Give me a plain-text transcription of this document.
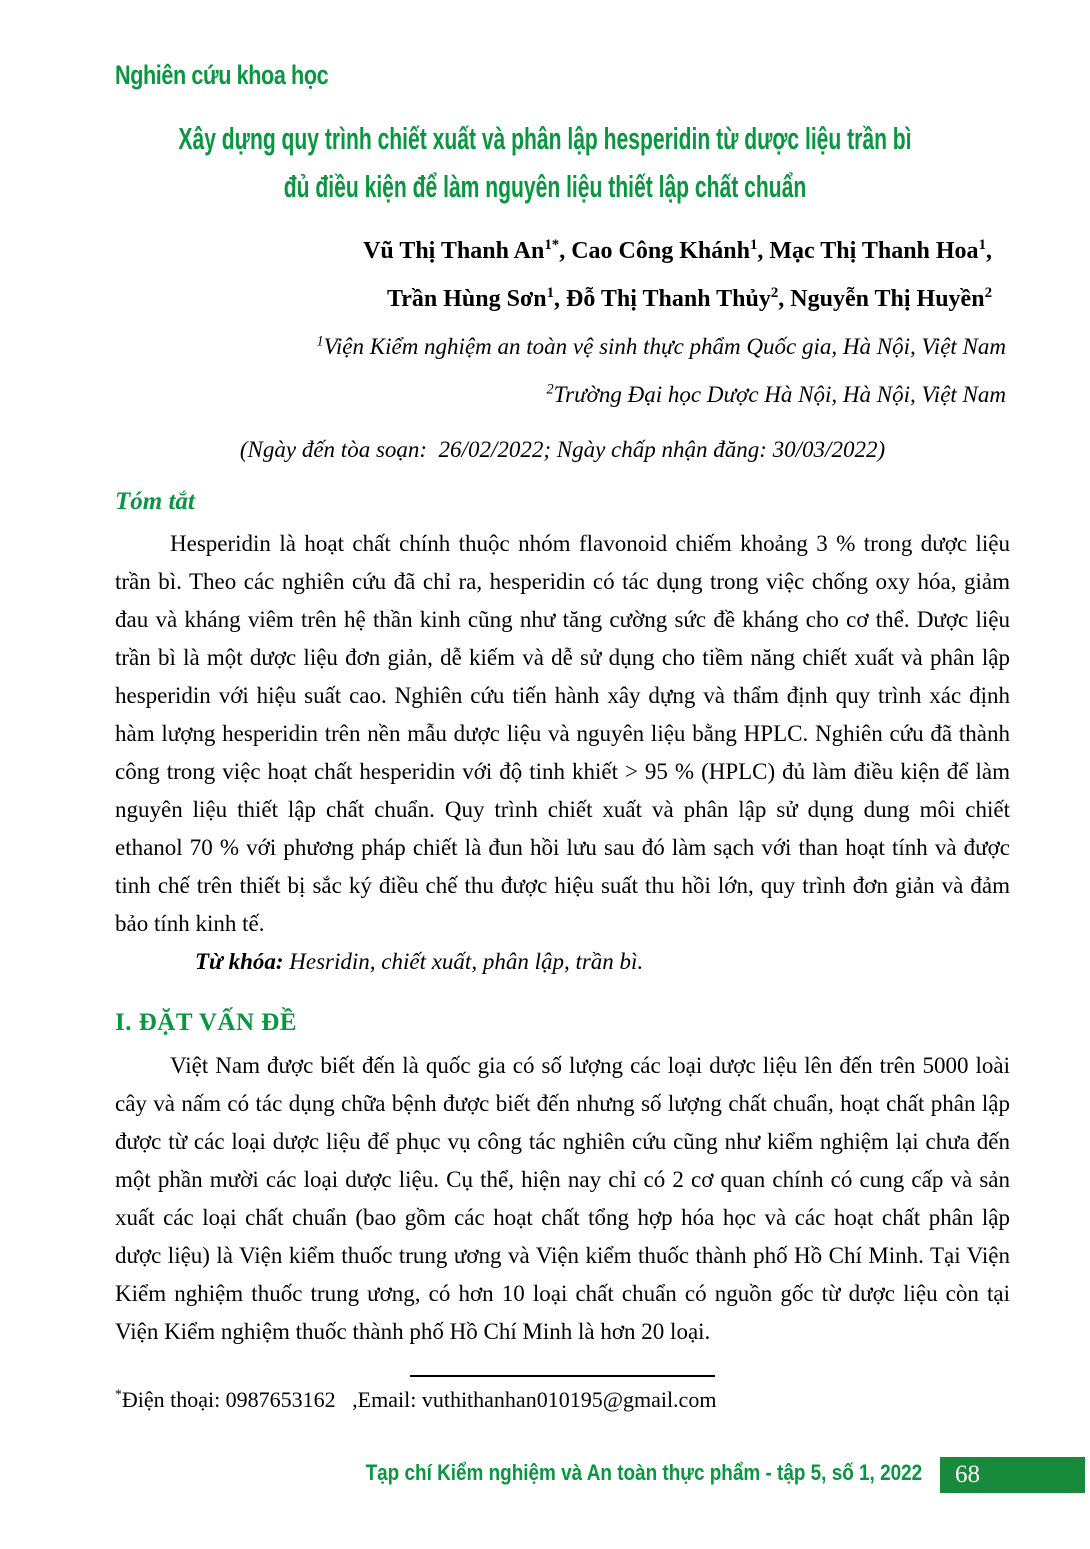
Nghiên cứu khoa học
Xây dựng quy trình chiết xuất và phân lập hesperidin từ dược liệu trần bì
đủ điều kiện để làm nguyên liệu thiết lập chất chuẩn
Vũ Thị Thanh $An^{1*}$, Cao Công Khánh$^1$, Mạc Thị Thanh Hoa$^1$,
Trần Hùng Sơn$^1$, Đỗ Thị Thanh Thủy$^2$, Nguyễn Thị Huyền$^2$
$^1$Viện Kiểm nghiệm an toàn vệ sinh thực phẩm Quốc gia, Hà Nội, Việt Nam
$^2$Trường Đại học Dược Hà Nội, Hà Nội, Việt Nam
(Ngày đến tòa soạn:  26/02/2022; Ngày chấp nhận đăng: 30/03/2022)
Tóm tắt

Hesperidin là hoạt chất chính thuộc nhóm flavonoid chiếm khoảng 3 % trong dược liệu trần bì. Theo các nghiên cứu đã chỉ ra, hesperidin có tác dụng trong việc chống oxy hóa, giảm đau và kháng viêm trên hệ thần kinh cũng như tăng cường sức đề kháng cho cơ thể. Dược liệu trần bì là một dược liệu đơn giản, dễ kiếm và dễ sử dụng cho tiềm năng chiết xuất và phân lập hesperidin với hiệu suất cao. Nghiên cứu tiến hành xây dựng và thẩm định quy trình xác định hàm lượng hesperidin trên nền mẫu dược liệu và nguyên liệu bằng HPLC. Nghiên cứu đã thành công trong việc hoạt chất hesperidin với độ tinh khiết > 95 % (HPLC) đủ làm điều kiện để làm nguyên liệu thiết lập chất chuẩn. Quy trình chiết xuất và phân lập sử dụng dung môi chiết ethanol 70 % với phương pháp chiết là đun hồi lưu sau đó làm sạch với than hoạt tính và được tinh chế trên thiết bị sắc ký điều chế thu được hiệu suất thu hồi lớn, quy trình đơn giản và đảm bảo tính kinh tế.

Từ khóa: Hesridin, chiết xuất, phân lập, trần bì.

I. ĐẶT VẤN ĐỀ

Việt Nam được biết đến là quốc gia có số lượng các loại dược liệu lên đến trên 5000 loài cây và nấm có tác dụng chữa bệnh được biết đến nhưng số lượng chất chuẩn, hoạt chất phân lập được từ các loại dược liệu để phục vụ công tác nghiên cứu cũng như kiểm nghiệm lại chưa đến một phần mười các loại dược liệu. Cụ thể, hiện nay chỉ có 2 cơ quan chính có cung cấp và sản xuất các loại chất chuẩn (bao gồm các hoạt chất tổng hợp hóa học và các hoạt chất phân lập dược liệu) là Viện kiểm thuốc trung ương và Viện kiểm thuốc thành phố Hồ Chí Minh. Tại Viện Kiểm nghiệm thuốc trung ương, có hơn 10 loại chất chuẩn có nguồn gốc từ dược liệu còn tại Viện Kiểm nghiệm thuốc thành phố Hồ Chí Minh là hơn 20 loại.

*Điện thoại: 0987653162   ,Email: vuthithanhan010195@gmail.com
Tạp chí Kiểm nghiệm và An toàn thực phẩm - tập 5, số 1, 2022	68
